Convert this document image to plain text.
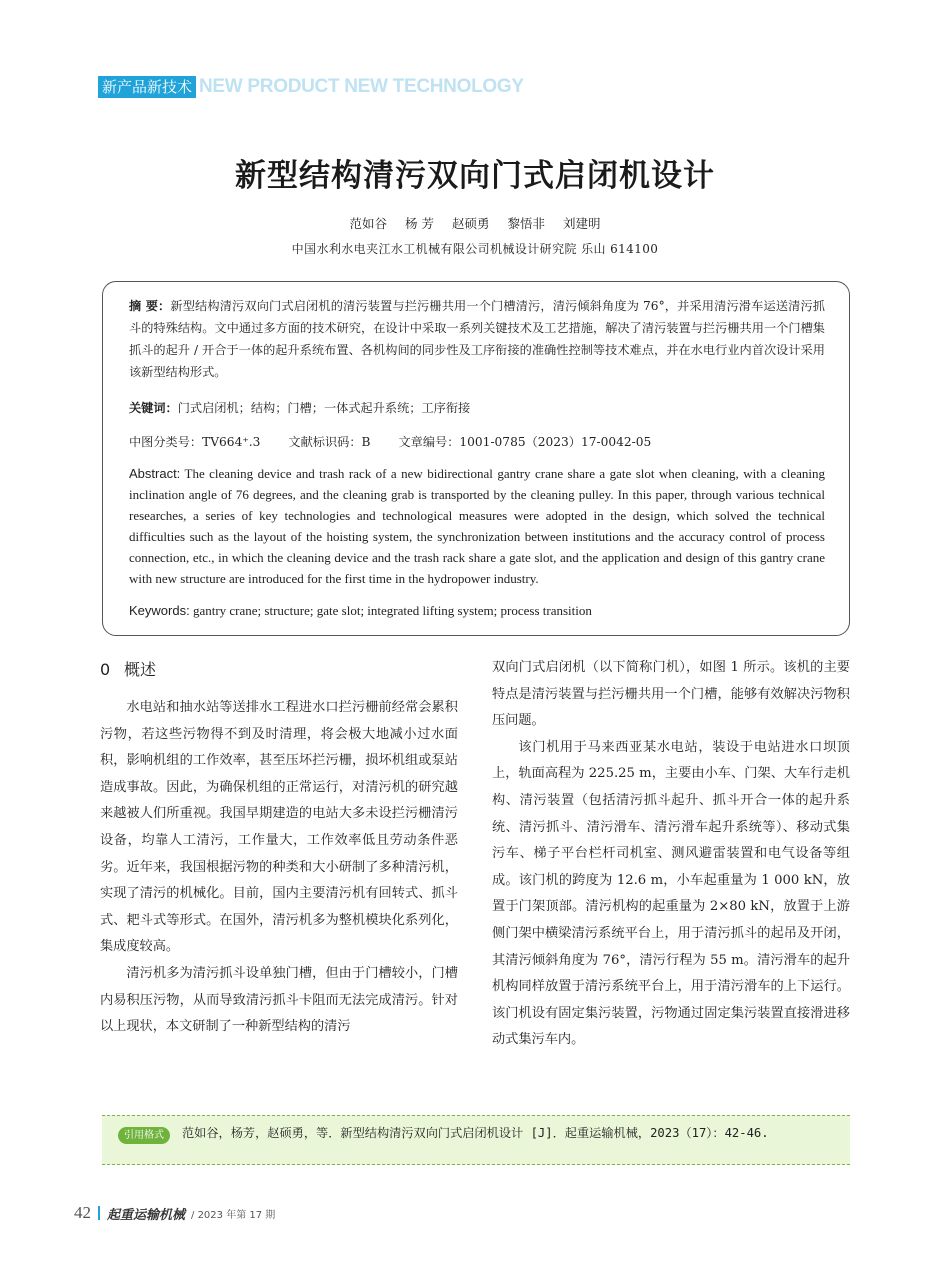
新产品新技术 NEW PRODUCT NEW TECHNOLOGY
新型结构清污双向门式启闭机设计
范如谷 杨 芳 赵硕勇 黎悟非 刘建明
中国水利水电夹江水工机械有限公司机械设计研究院 乐山 614100
摘 要：新型结构清污双向门式启闭机的清污装置与拦污栅共用一个门槽清污，清污倾斜角度为 76°，并采用清污滑车运送清污抓斗的特殊结构。文中通过多方面的技术研究，在设计中采取一系列关键技术及工艺措施，解决了清污装置与拦污栅共用一个门槽集抓斗的起升 / 开合于一体的起升系统布置、各机构间的同步性及工序衔接的准确性控制等技术难点，并在水电行业内首次设计采用该新型结构形式。
关键词：门式启闭机；结构；门槽；一体式起升系统；工序衔接
中图分类号：TV664⁺.3 文献标识码：B 文章编号：1001-0785（2023）17-0042-05
Abstract: The cleaning device and trash rack of a new bidirectional gantry crane share a gate slot when cleaning, with a cleaning inclination angle of 76 degrees, and the cleaning grab is transported by the cleaning pulley. In this paper, through various technical researches, a series of key technologies and technological measures were adopted in the design, which solved the technical difficulties such as the layout of the hoisting system, the synchronization between institutions and the accuracy control of process connection, etc., in which the cleaning device and the trash rack share a gate slot, and the application and design of this gantry crane with new structure are introduced for the first time in the hydropower industry.
Keywords: gantry crane; structure; gate slot; integrated lifting system; process transition
0 概述

水电站和抽水站等送排水工程进水口拦污栅前经常会累积污物，若这些污物得不到及时清理，将会极大地减小过水面积，影响机组的工作效率，甚至压坏拦污栅，损坏机组或泵站造成事故。因此，为确保机组的正常运行，对清污机的研究越来越被人们所重视。我国早期建造的电站大多未设拦污栅清污设备，均靠人工清污，工作量大，工作效率低且劳动条件恶劣。近年来，我国根据污物的种类和大小研制了多种清污机，实现了清污的机械化。目前，国内主要清污机有回转式、抓斗式、耙斗式等形式。在国外，清污机多为整机模块化系列化，集成度较高。

清污机多为清污抓斗设单独门槽，但由于门槽较小，门槽内易积压污物，从而导致清污抓斗卡阻而无法完成清污。针对以上现状，本文研制了一种新型结构的清污

双向门式启闭机（以下简称门机），如图 1 所示。该机的主要特点是清污装置与拦污栅共用一个门槽，能够有效解决污物积压问题。

该门机用于马来西亚某水电站，装设于电站进水口坝顶上，轨面高程为 225.25 m，主要由小车、门架、大车行走机构、清污装置（包括清污抓斗起升、抓斗开合一体的起升系统、清污抓斗、清污滑车、清污滑车起升系统等）、移动式集污车、梯子平台栏杆司机室、测风避雷装置和电气设备等组成。该门机的跨度为 12.6 m，小车起重量为 1 000 kN，放置于门架顶部。清污机构的起重量为 2×80 kN，放置于上游侧门架中横梁清污系统平台上，用于清污抓斗的起吊及开闭，其清污倾斜角度为 76°，清污行程为 55 m。清污滑车的起升机构同样放置于清污系统平台上，用于清污滑车的上下运行。该门机设有固定集污装置，污物通过固定集污装置直接滑进移动式集污车内。

引用格式	范如谷，杨芳，赵硕勇，等．新型结构清污双向门式启闭机设计 [J]．起重运输机械，2023（17）：42-46.
42 起重运输机械 / 2023 年第 17 期
